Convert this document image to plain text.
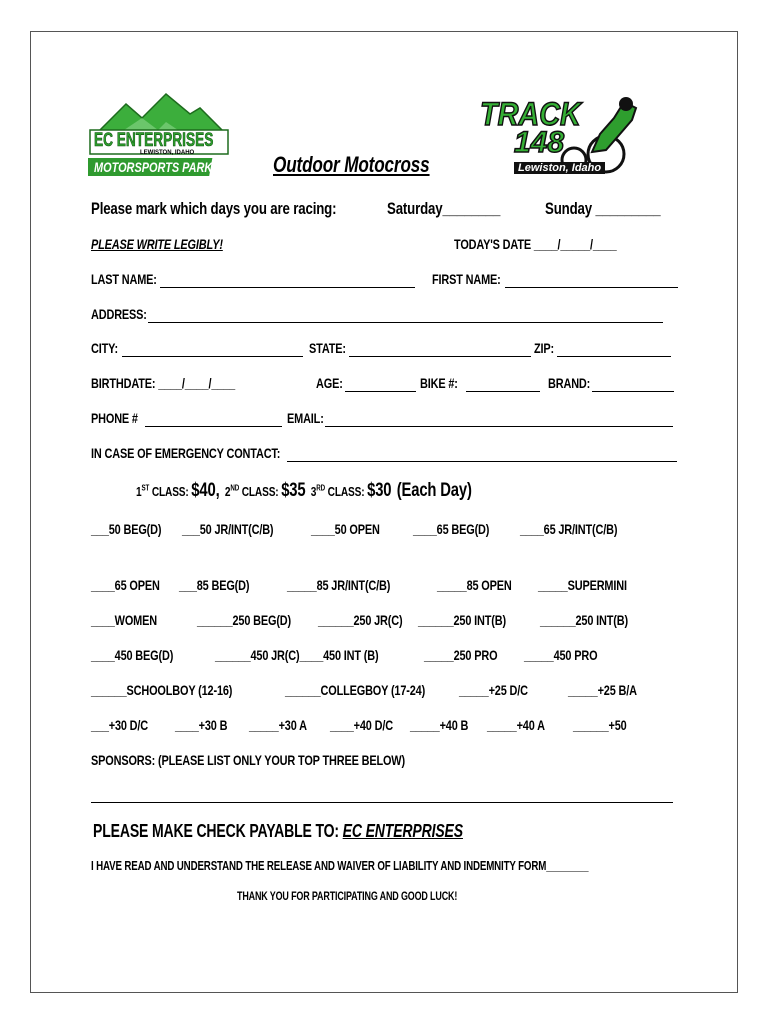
EC ENTERPRISES
LEWISTON, IDAHO
MOTORSPORTS PARK
TRACK
148
Lewiston, Idaho
Outdoor Motocross
Please mark which days you are racing:	Saturday________	Sunday _________
PLEASE WRITE LEGIBLY!	TODAY'S DATE ____/_____/____
LAST NAME:	FIRST NAME:
ADDRESS:
CITY:	STATE:	ZIP:
BIRTHDATE: ____/____/____	AGE:	BIKE #:	BRAND:
PHONE #	EMAIL:
IN CASE OF EMERGENCY CONTACT:
1ST CLASS: $40, 2ND CLASS: $35 3RD CLASS: $30 (Each Day)
___50 BEG(D) ___50 JR/INT(C/B)	____50 OPEN ____65 BEG(D) ____65 JR/INT(C/B)
____65 OPEN ___85 BEG(D)	_____85 JR/INT(C/B)	_____85 OPEN _____SUPERMINI
____WOMEN	______250 BEG(D) ______250 JR(C) ______250 INT(B) ______250 INT(B)
____450 BEG(D)	______450 JR(C)____450 INT (B)	_____250 PRO _____450 PRO
______SCHOOLBOY (12-16)	______COLLEGBOY (17-24) _____+25 D/C	_____+25 B/A
___+30 D/C ____+30 B _____+30 A ____+40 D/C _____+40 B _____+40 A ______+50
SPONSORS: (PLEASE LIST ONLY YOUR TOP THREE BELOW)
PLEASE MAKE CHECK PAYABLE TO: EC ENTERPRISES
I HAVE READ AND UNDERSTAND THE RELEASE AND WAIVER OF LIABILITY AND INDEMNITY FORM________
THANK YOU FOR PARTICIPATING AND GOOD LUCK!
